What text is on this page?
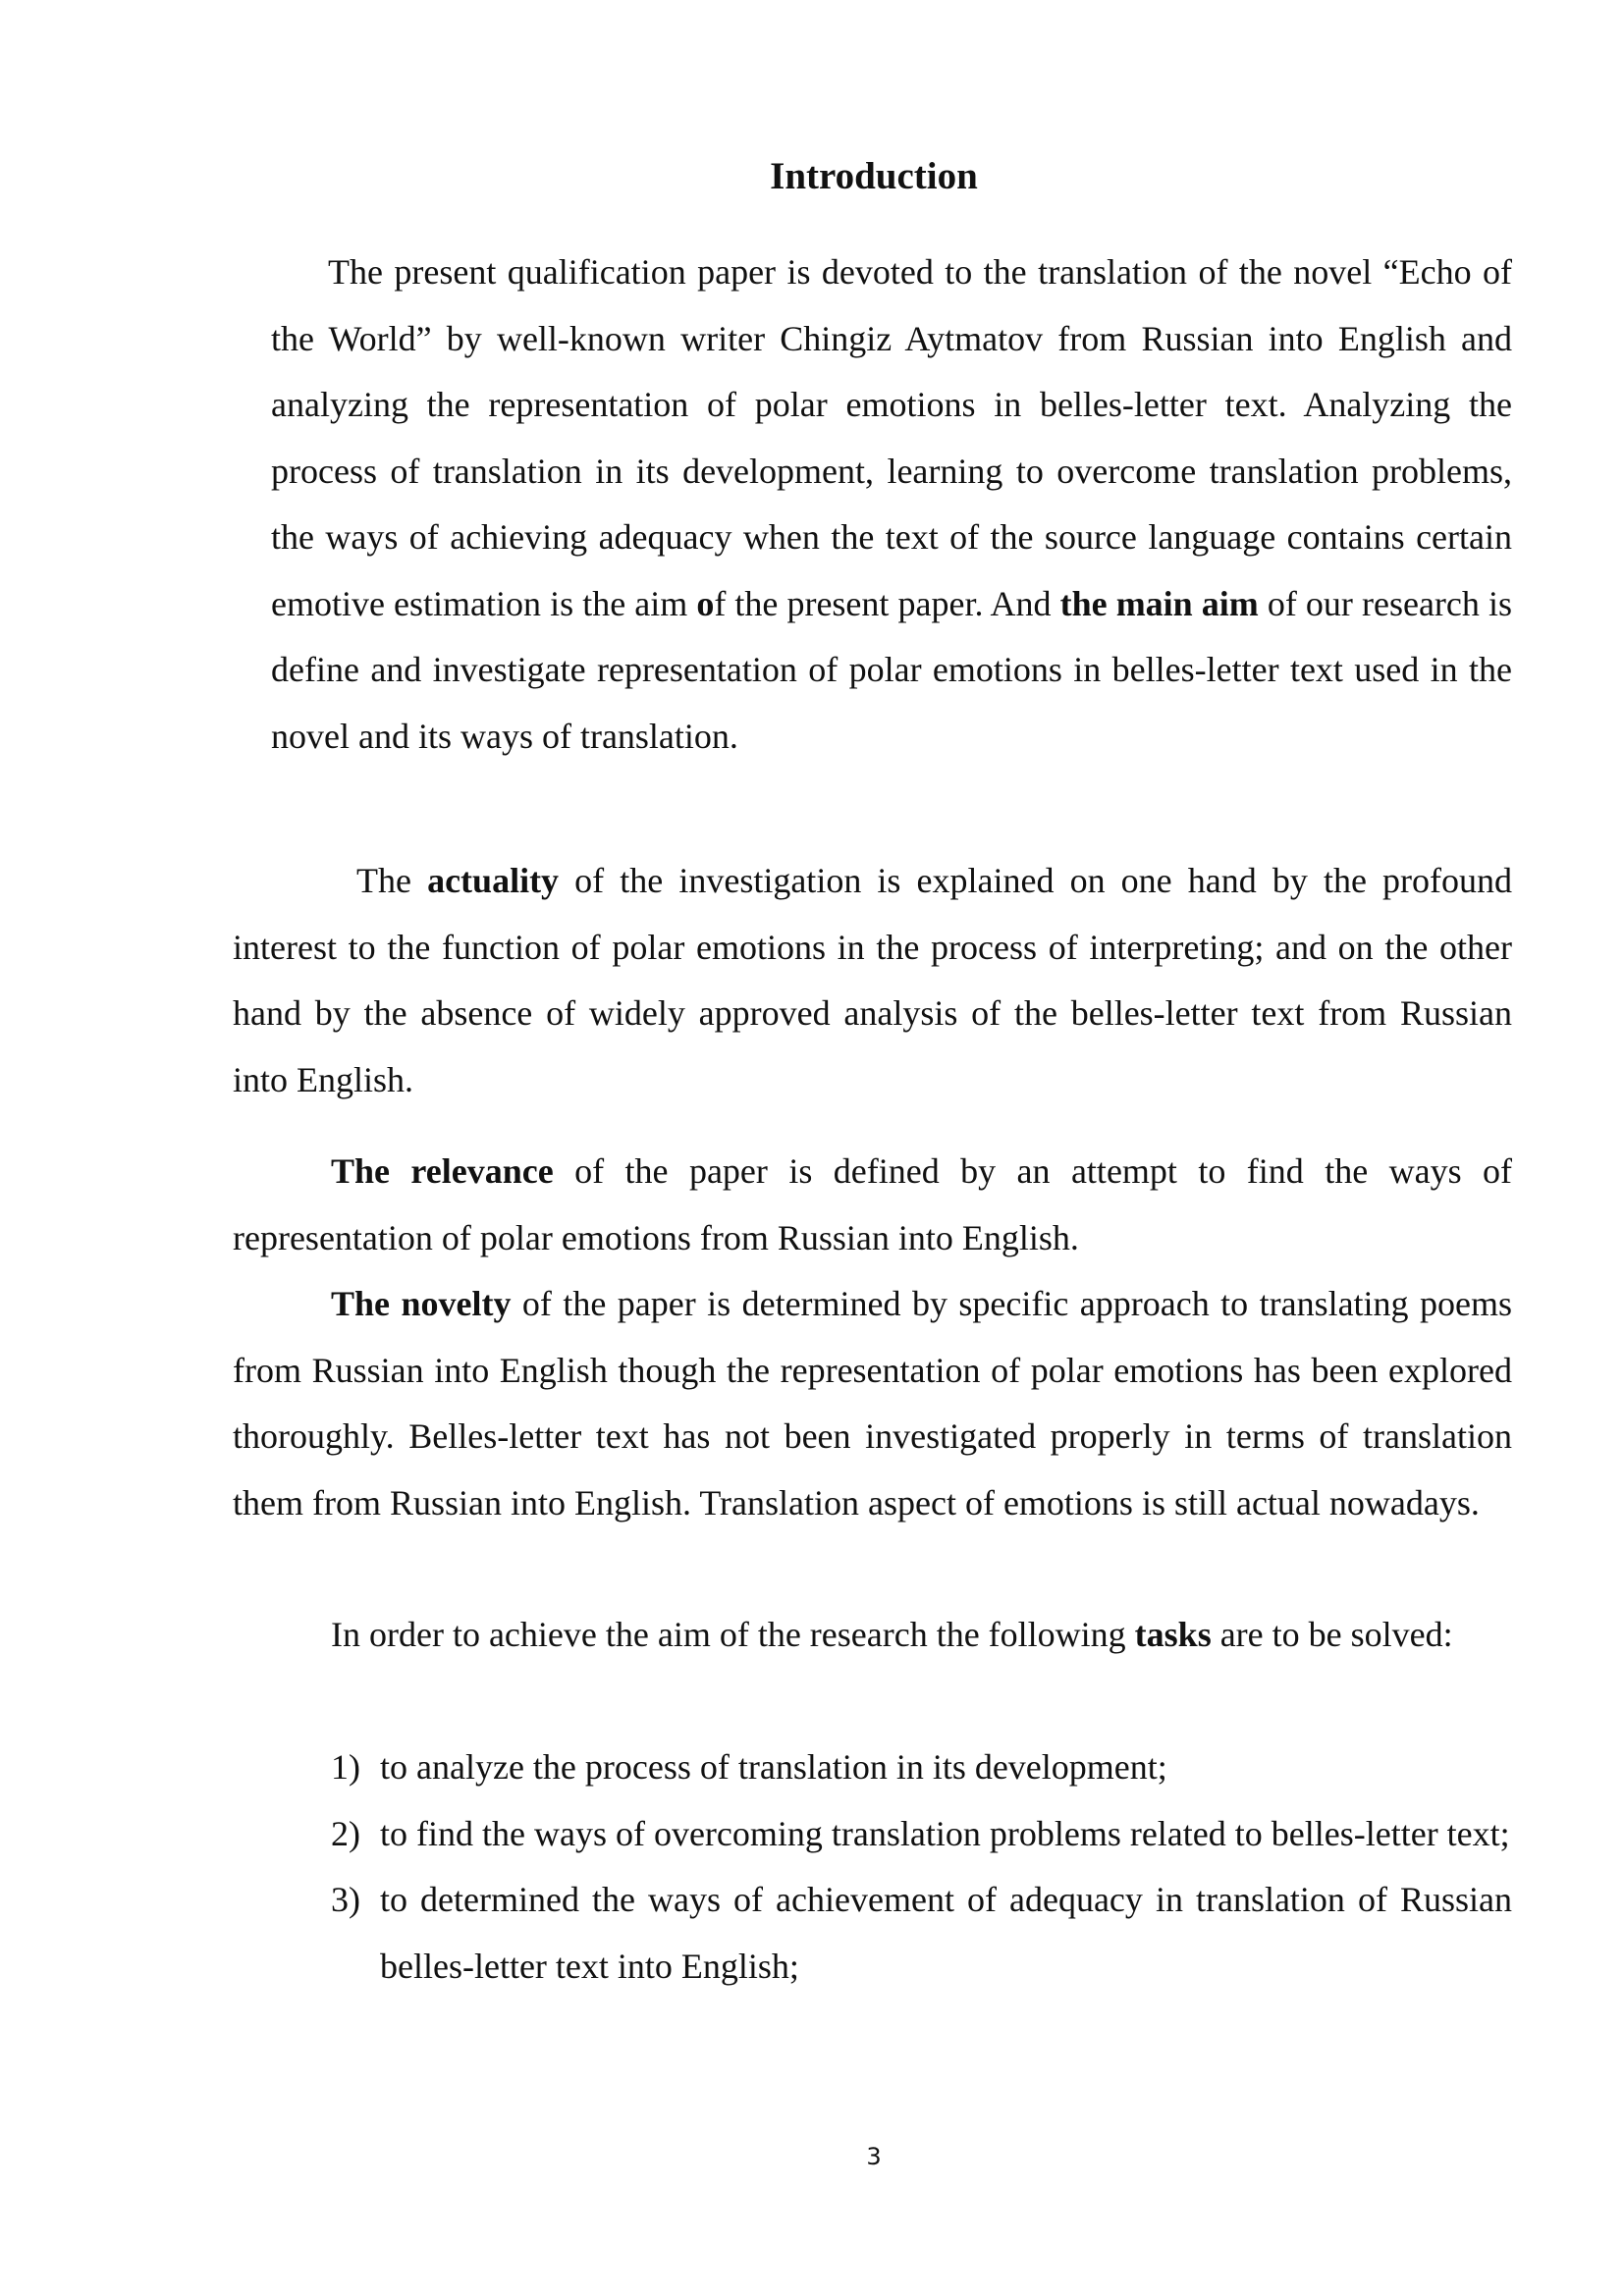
Introduction

The present qualification paper is devoted to the translation of the novel “Echo of the World” by well-known writer Chingiz Aytmatov from Russian into English and analyzing the representation of polar emotions in belles-letter text. Analyzing the process of translation in its development, learning to overcome translation problems, the ways of achieving adequacy when the text of the source language contains certain emotive estimation is the aim of the present paper. And the main aim of our research is define and investigate representation of polar emotions in belles-letter text used in the novel and its ways of translation.

The actuality of the investigation is explained on one hand by the profound interest to the function of polar emotions in the process of interpreting; and on the other hand by the absence of widely approved analysis of the belles-letter text from Russian into English.

The relevance of the paper is defined by an attempt to find the ways of representation of polar emotions from Russian into English.

The novelty of the paper is determined by specific approach to translating poems from Russian into English though the representation of polar emotions has been explored thoroughly. Belles-letter text has not been investigated properly in terms of translation them from Russian into English. Translation aspect of emotions is still actual nowadays.

In order to achieve the aim of the research the following tasks are to be solved:

1) to analyze the process of translation in its development;
2) to find the ways of overcoming translation problems related to belles-letter text;
3) to determined the ways of achievement of adequacy in translation of Russian belles-letter text into English;
3
